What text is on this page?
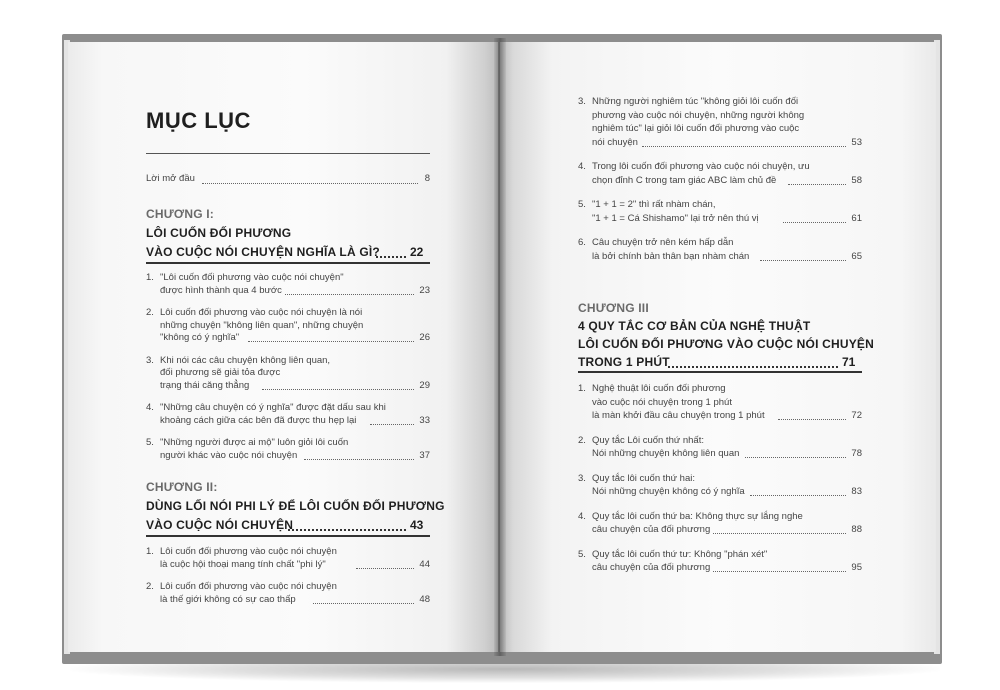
MỤC LỤC
Lời mở đầu	8
CHƯƠNG I:
LÔI CUỐN ĐỐI PHƯƠNG
VÀO CUỘC NÓI CHUYỆN NGHĨA LÀ GÌ?	22
1. "Lôi cuốn đối phương vào cuộc nói chuyện"
được hình thành qua 4 bước	23
2. Lôi cuốn đối phương vào cuộc nói chuyện là nói
những chuyện "không liên quan", những chuyện
"không có ý nghĩa"	26
3. Khi nói các câu chuyện không liên quan,
đối phương sẽ giải tỏa được
trạng thái căng thẳng	29
4. "Những câu chuyện có ý nghĩa" được đặt dấu sau khi
khoảng cách giữa các bên đã được thu hẹp lại	33
5. "Những người được ai mộ" luôn giỏi lôi cuốn
người khác vào cuộc nói chuyện	37
CHƯƠNG II:
DÙNG LỐI NÓI PHI LÝ ĐỂ LÔI CUỐN ĐỐI PHƯƠNG
VÀO CUỘC NÓI CHUYỆN	43
1. Lôi cuốn đối phương vào cuộc nói chuyện
là cuộc hội thoại mang tính chất "phi lý"	44
2. Lôi cuốn đối phương vào cuộc nói chuyện
là thế giới không có sự cao thấp	48
3. Những người nghiêm túc "không giỏi lôi cuốn đối
phương vào cuộc nói chuyện, những người không
nghiêm túc" lại giỏi lôi cuốn đối phương vào cuộc
nói chuyện	53
4. Trong lôi cuốn đối phương vào cuộc nói chuyện, ưu
chọn đỉnh C trong tam giác ABC làm chủ đề	58
5. "1 + 1 = 2" thì rất nhàm chán,
"1 + 1 = Cá Shishamo" lại trở nên thú vị	61
6. Câu chuyện trở nên kém hấp dẫn
là bởi chính bản thân bạn nhàm chán	65
CHƯƠNG III
4 QUY TẮC CƠ BẢN CỦA NGHỆ THUẬT
LÔI CUỐN ĐỐI PHƯƠNG VÀO CUỘC NÓI CHUYỆN
TRONG 1 PHÚT	71
1. Nghệ thuật lôi cuốn đối phương
vào cuộc nói chuyện trong 1 phút
là màn khởi đầu câu chuyện trong 1 phút	72
2. Quy tắc Lôi cuốn thứ nhất:
Nói những chuyện không liên quan	78
3. Quy tắc lôi cuốn thứ hai:
Nói những chuyện không có ý nghĩa	83
4. Quy tắc lôi cuốn thứ ba: Không thực sự lắng nghe
câu chuyện của đối phương	88
5. Quy tắc lôi cuốn thứ tư: Không "phán xét"
câu chuyện của đối phương	95
